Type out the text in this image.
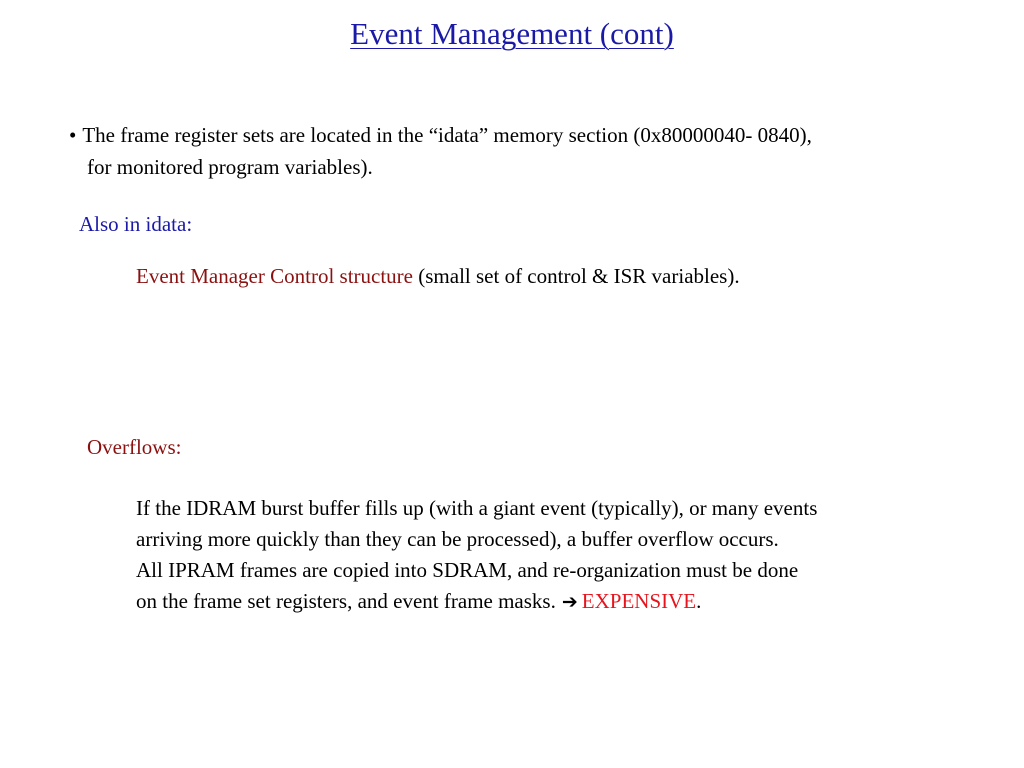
Event Management (cont)
• The frame register sets are located in the “idata” memory section (0x80000040- 0840),
for monitored program variables).
Also in idata:
Event Manager Control structure (small set of control & ISR variables).
Overflows:
If the IDRAM burst buffer fills up (with a giant event (typically), or many events
arriving more quickly than they can be processed), a buffer overflow occurs.
All IPRAM frames are copied into SDRAM, and re-organization must be done
on the frame set registers, and event frame masks. ➔ EXPENSIVE.
